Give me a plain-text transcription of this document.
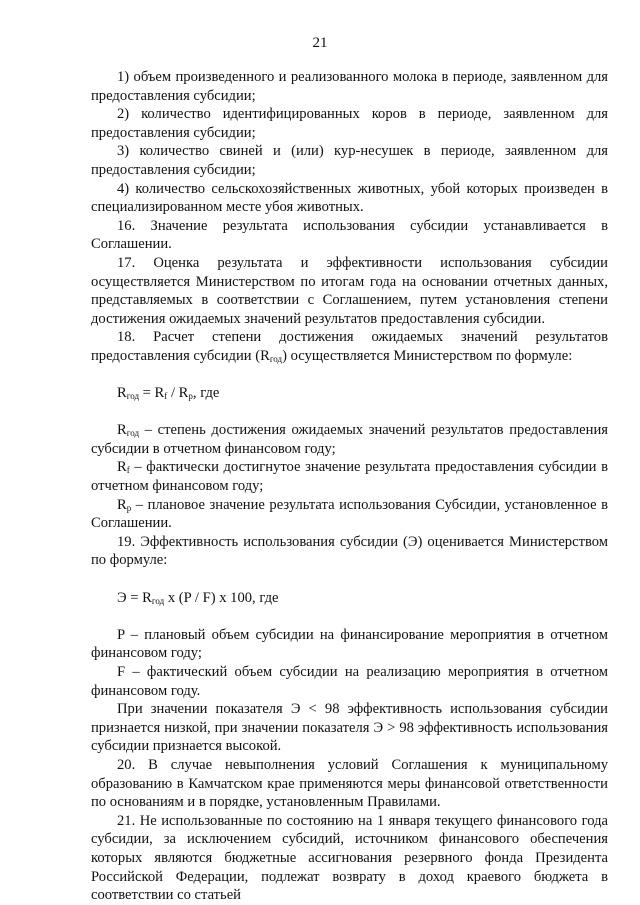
21

1) объем произведенного и реализованного молока в периоде, заявленном для предоставления субсидии;

2) количество идентифицированных коров в периоде, заявленном для предоставления субсидии;

3) количество свиней и (или) кур-несушек в периоде, заявленном для предоставления субсидии;

4) количество сельскохозяйственных животных, убой которых произведен в специализированном месте убоя животных.

16. Значение результата использования субсидии устанавливается в Соглашении.

17. Оценка результата и эффективности использования субсидии осуществляется Министерством по итогам года на основании отчетных данных, представляемых в соответствии с Соглашением, путем установления степени достижения ожидаемых значений результатов предоставления субсидии.

18. Расчет степени достижения ожидаемых значений результатов предоставления субсидии $(R_{год})$ осуществляется Министерством по формуле:

$R_{год} = R_f / R_p$, где

$R_{год}$ – степень достижения ожидаемых значений результатов предоставления субсидии в отчетном финансовом году;

$R_f$ – фактически достигнутое значение результата предоставления субсидии в отчетном финансовом году;

$R_p$ – плановое значение результата использования Субсидии, установленное в Соглашении.

19. Эффективность использования субсидии (Э) оценивается Министерством по формуле:

$Э = R_{год}$ х (P / F) х 100, где

P – плановый объем субсидии на финансирование мероприятия в отчетном финансовом году;

F – фактический объем субсидии на реализацию мероприятия в отчетном финансовом году.

При значении показателя Э < 98 эффективность использования субсидии признается низкой, при значении показателя Э > 98 эффективность использования субсидии признается высокой.

20. В случае невыполнения условий Соглашения к муниципальному образованию в Камчатском крае применяются меры финансовой ответственности по основаниям и в порядке, установленным Правилами.

21. Не использованные по состоянию на 1 января текущего финансового года субсидии, за исключением субсидий, источником финансового обеспечения которых являются бюджетные ассигнования резервного фонда Президента Российской Федерации, подлежат возврату в доход краевого бюджета в соответствии со статьей
